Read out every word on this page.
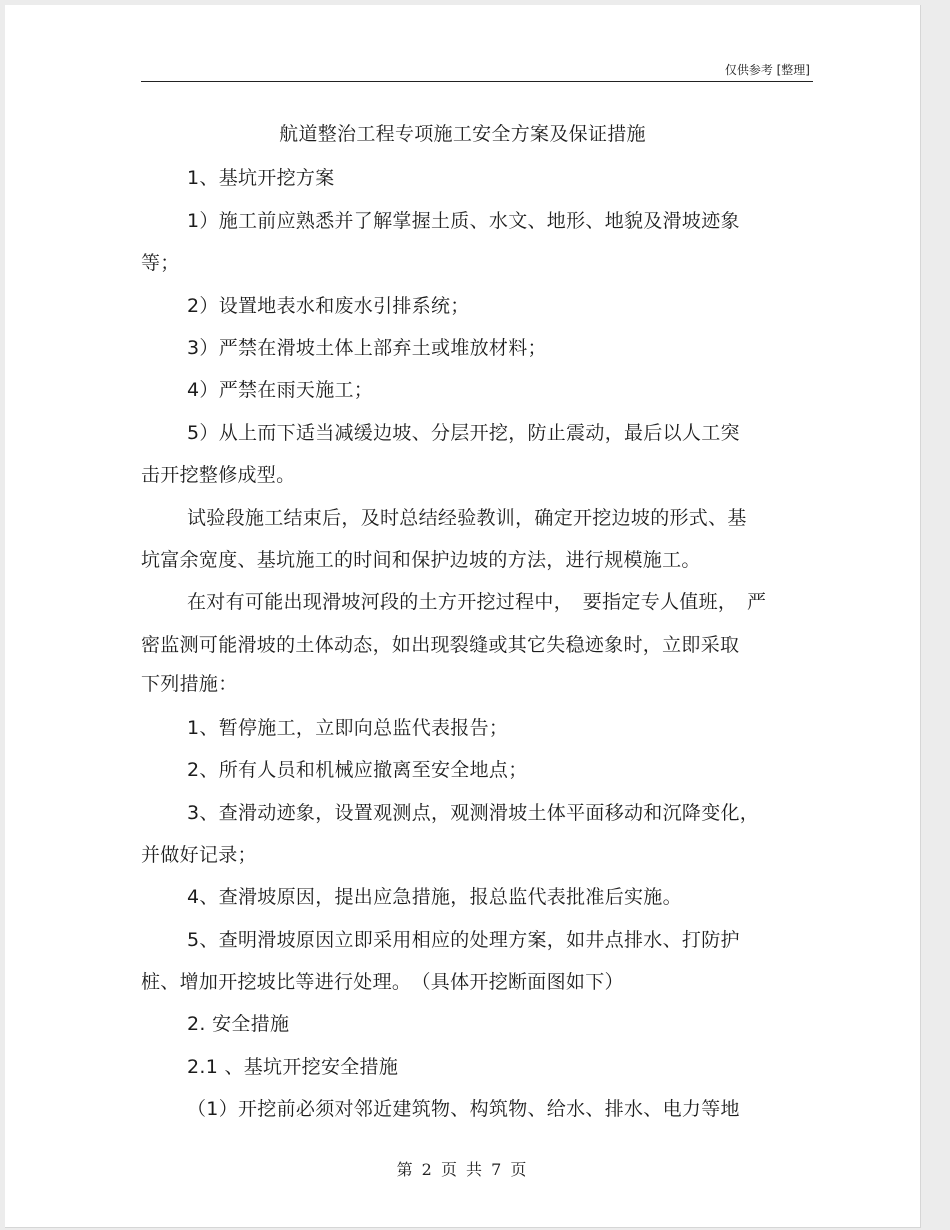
仅供参考 [整理]
航道整治工程专项施工安全方案及保证措施
1、基坑开挖方案
1）施工前应熟悉并了解掌握土质、水文、地形、地貌及滑坡迹象
等；
2）设置地表水和废水引排系统；
3）严禁在滑坡土体上部弃土或堆放材料；
4）严禁在雨天施工；
5）从上而下适当减缓边坡、分层开挖，防止震动，最后以人工突
击开挖整修成型。
试验段施工结束后，及时总结经验教训，确定开挖边坡的形式、基
坑富余宽度、基坑施工的时间和保护边坡的方法，进行规模施工。
在对有可能出现滑坡河段的土方开挖过程中，　要指定专人值班，　严
密监测可能滑坡的土体动态，如出现裂缝或其它失稳迹象时，立即采取
下列措施：
1、暂停施工，立即向总监代表报告；
2、所有人员和机械应撤离至安全地点；
3、查滑动迹象，设置观测点，观测滑坡土体平面移动和沉降变化，
并做好记录；
4、查滑坡原因，提出应急措施，报总监代表批准后实施。
5、查明滑坡原因立即采用相应的处理方案，如井点排水、打防护
桩、增加开挖坡比等进行处理。　（具体开挖断面图如下）
2. 安全措施
2.1 、基坑开挖安全措施
（1）开挖前必须对邻近建筑物、构筑物、给水、排水、电力等地
第 2 页 共 7 页
